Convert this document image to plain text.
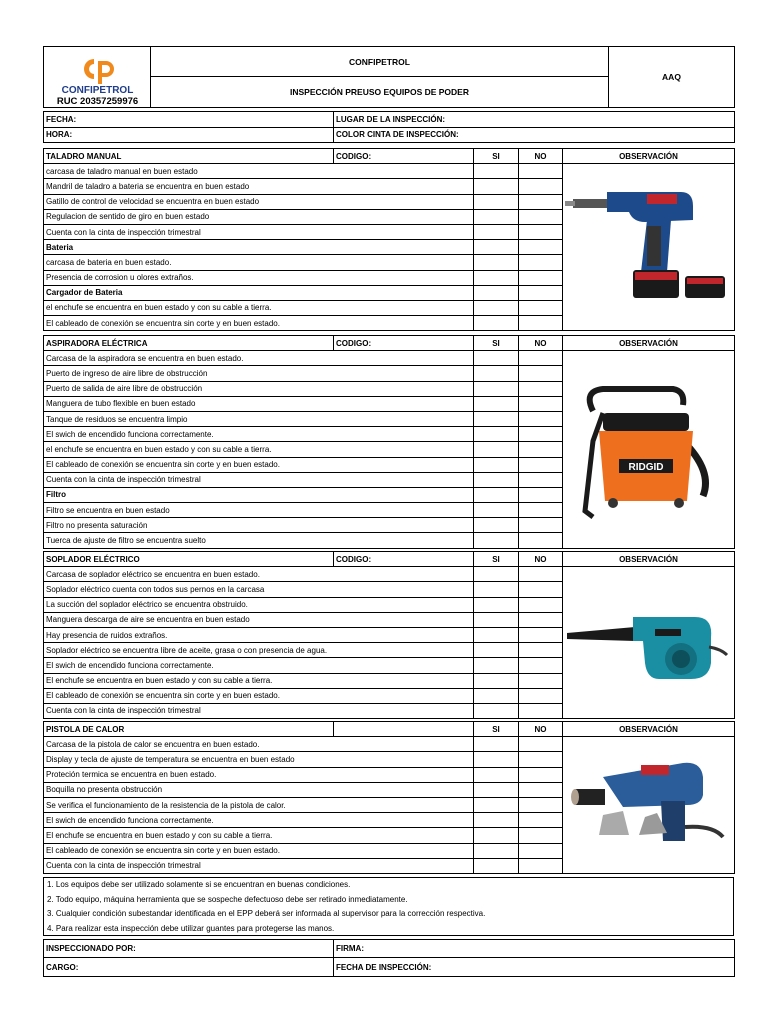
CONFIPETROL
RUC 20357259976
	CONFIPETROL	AAQ
INSPECCIÓN PREUSO EQUIPOS DE PODER
FECHA:	LUGAR DE LA INSPECCIÓN:
HORA:	COLOR CINTA DE INSPECCIÓN:
TALADRO MANUAL	CODIGO:	SI	NO	OBSERVACIÓN
carcasa de taladro manual en buen estado			

Mandril de taladro a bateria se encuentra en buen estado				
Gatillo de control de velocidad se encuentra en buen estado				
Regulacion de sentido de giro en buen estado				
Cuenta con la cinta de inspección trimestral				
Bateria				
carcasa de bateria en buen estado.				
Presencia de corrosion u olores extraños.				
Cargador de Bateria				
el enchufe se encuentra en buen estado y con su cable a tierra.				
El cableado de conexión se encuentra sin corte y en buen estado.				
ASPIRADORA ELÉCTRICA	CODIGO:	SI	NO	OBSERVACIÓN
Carcasa de la aspiradora se encuentra en buen estado.				RIDGID

Puerto de ingreso de aire libre de obstrucción				
Puerto de salida de aire libre de obstrucción				
Manguera de tubo flexible en buen estado				
Tanque de residuos se encuentra limpio				
El swich de encendido funciona correctamente.				
el enchufe se encuentra en buen estado y con su cable a tierra.				
El cableado de conexión se encuentra sin corte y en buen estado.				
Cuenta con la cinta de inspección trimestral				
Filtro				
Filtro se encuentra en buen estado				
Filtro no presenta saturación				
Tuerca de ajuste de filtro se encuentra suelto				
SOPLADOR ELÉCTRICO	CODIGO:	SI	NO	OBSERVACIÓN
Carcasa de soplador eléctrico se encuentra en buen estado.			

Soplador eléctrico cuenta con todos sus pernos en la carcasa				
La succión del soplador eléctrico se encuentra obstruido.				
Manguera descarga de aire se encuentra en buen estado				
Hay presencia de ruidos extraños.				
Soplador eléctrico se encuentra libre de aceite, grasa o con presencia de agua.				
El swich de encendido funciona correctamente.				
El enchufe se encuentra en buen estado y con su cable a tierra.				
El cableado de conexión se encuentra sin corte y en buen estado.				
Cuenta con la cinta de inspección trimestral				
PISTOLA DE CALOR		SI	NO	OBSERVACIÓN
Carcasa de la pistola de calor se encuentra en buen estado.			

Display y tecla de ajuste de temperatura se encuentra en buen estado				
Proteción termica se encuentra en buen estado.				
Boquilla no presenta obstrucción				
Se verifica el funcionamiento de la resistencia de la pistola de calor.				
El swich de encendido funciona correctamente.				
El enchufe se encuentra en buen estado y con su cable a tierra.				
El cableado de conexión se encuentra sin corte y en buen estado.				
Cuenta con la cinta de inspección trimestral				
1. Los equipos debe ser utilizado solamente si se encuentran en buenas condiciones.
2. Todo equipo, máquina herramienta que se sospeche defectuoso debe ser retirado inmediatamente.
3. Cualquier condición subestandar identificada en el EPP deberá ser informada al supervisor para la corrección respectiva.
4. Para realizar esta inspección debe utilizar guantes para protegerse las manos.
INSPECCIONADO POR:	FIRMA:
CARGO:	FECHA DE INSPECCIÓN:
